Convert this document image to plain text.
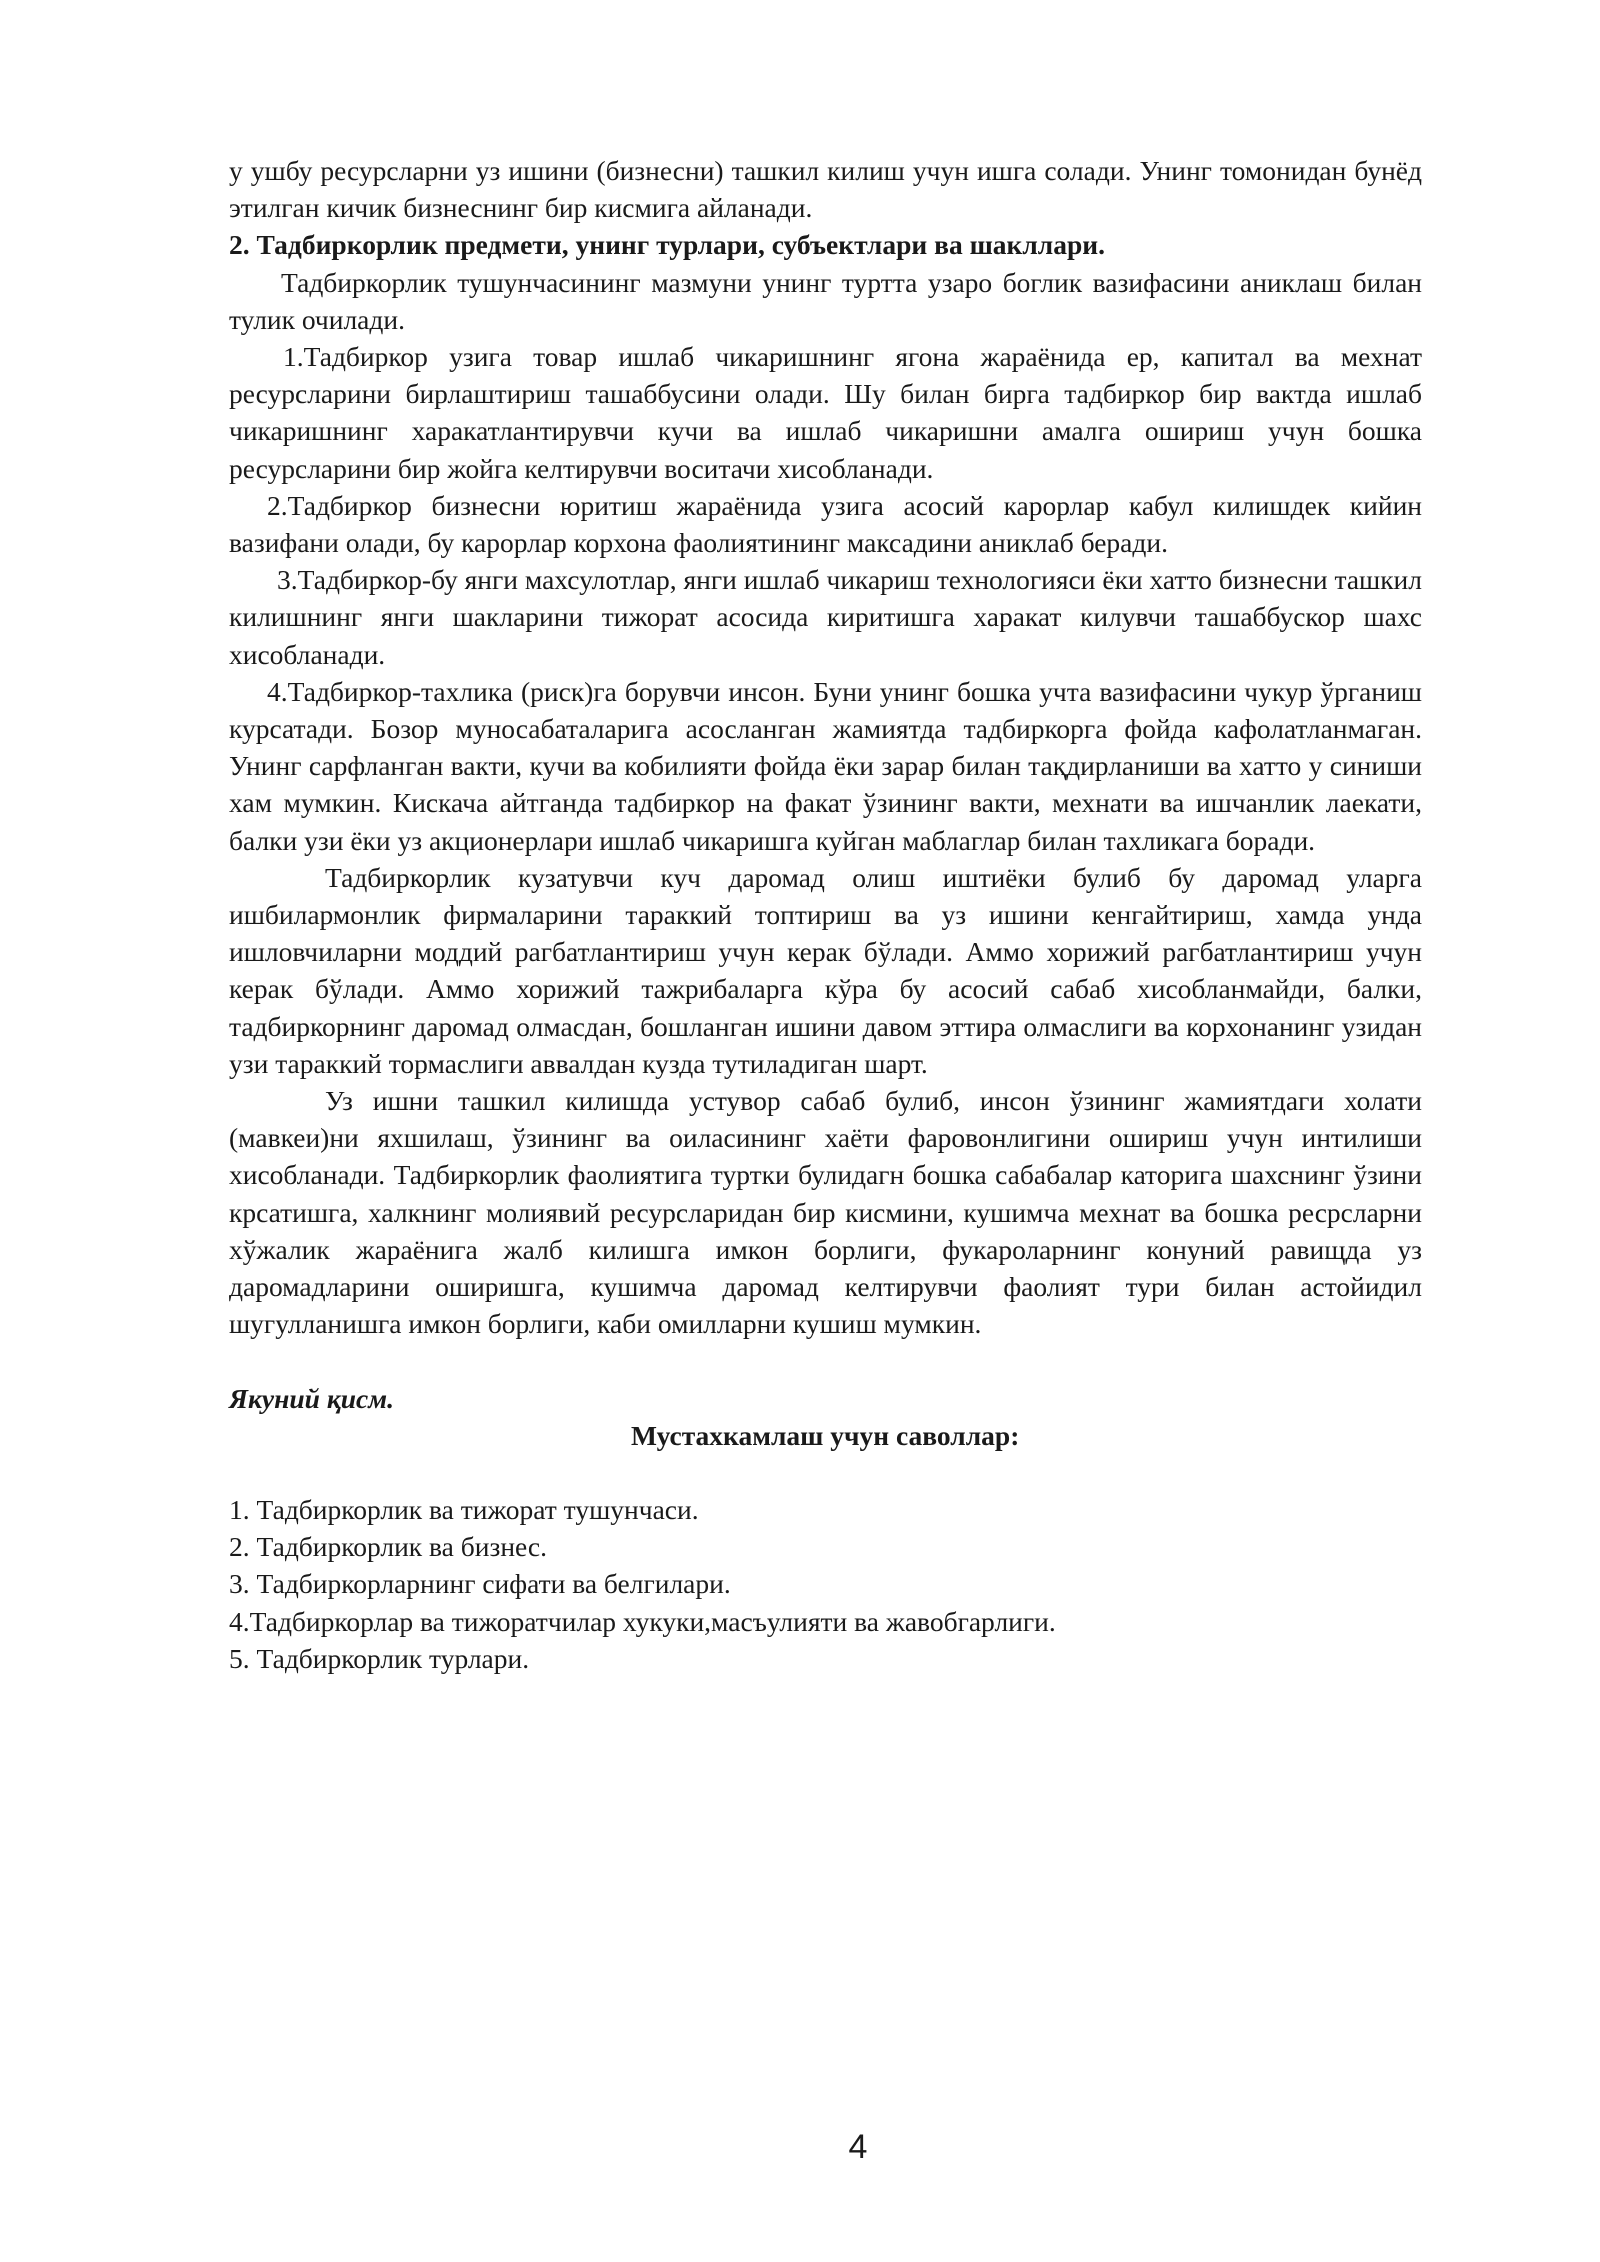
у ушбу ресурсларни уз ишини (бизнесни) ташкил килиш учун ишга солади. Унинг томонидан бунёд этилган кичик бизнеснинг бир кисмига айланади.

2. Тадбиркорлик предмети, унинг турлари, субъектлари ва шакллари.

Тадбиркорлик тушунчасининг мазмуни унинг туртта узаро боглик вазифасини аниклаш билан тулик очилади.

1.Тадбиркор узига товар ишлаб чикаришнинг ягона жараёнида ер, капитал ва мехнат ресурсларини бирлаштириш ташаббусини олади. Шу билан бирга тадбиркор бир вактда ишлаб чикаришнинг харакатлантирувчи кучи ва ишлаб чикаришни амалга ошириш учун бошка ресурсларини бир жойга келтирувчи воситачи хисобланади.

2.Тадбиркор бизнесни юритиш жараёнида узига асосий карорлар кабул килишдек кийин вазифани олади, бу карорлар корхона фаолиятининг максадини аниклаб беради.

3.Тадбиркор-бу янги махсулотлар, янги ишлаб чикариш технологияси ёки хатто бизнесни ташкил килишнинг янги шакларини тижорат асосида киритишга харакат килувчи ташаббускор шахс хисобланади.

4.Тадбиркор-тахлика (риск)га борувчи инсон. Буни унинг бошка учта вазифасини чукур ўрганиш курсатади. Бозор муносабаталарига асосланган жамиятда тадбиркорга фойда кафолатланмаган. Унинг сарфланган вакти, кучи ва кобилияти фойда ёки зарар билан тақдирланиши ва хатто у синиши хам мумкин. Кискача айтганда тадбиркор на факат ўзининг вакти, мехнати ва ишчанлик лаекати, балки узи ёки уз акционерлари ишлаб чикаришга куйган маблаглар билан тахликага боради.

Тадбиркорлик кузатувчи куч даромад олиш иштиёки булиб бу даромад уларга ишбилармонлик фирмаларини тараккий топтириш ва уз ишини кенгайтириш, хамда унда ишловчиларни моддий рагбатлантириш учун керак бўлади. Аммо хорижий рагбатлантириш учун керак бўлади. Аммо хорижий тажрибаларга кўра бу асосий сабаб хисобланмайди, балки, тадбиркорнинг даромад олмасдан, бошланган ишини давом эттира олмаслиги ва корхонанинг узидан узи тараккий тормаслиги аввалдан кузда тутиладиган шарт.

Уз ишни ташкил килишда устувор сабаб булиб, инсон ўзининг жамиятдаги холати (мавкеи)ни яхшилаш, ўзининг ва оиласининг хаёти фаровонлигини ошириш учун интилиши хисобланади. Тадбиркорлик фаолиятига туртки булидагн бошка сабабалар каторига шахснинг ўзини крсатишга, халкнинг молиявий ресурсларидан бир кисмини, кушимча мехнат ва бошка ресрсларни хўжалик жараёнига жалб килишга имкон борлиги, фукароларнинг конуний равищда уз даромадларини оширишга, кушимча даромад келтирувчи фаолият тури билан астойидил шугулланишга имкон борлиги, каби омилларни кушиш мумкин.

Якуний қисм.

Мустахкамлаш учун саволлар:

1. Тадбиркорлик ва тижорат тушунчаси.
2. Тадбиркорлик ва бизнес.
3. Тадбиркорларнинг сифати ва белгилари.
4.Тадбиркорлар ва тижоратчилар хукуки,масъулияти ва жавобгарлиги.
5. Тадбиркорлик турлари.
4
